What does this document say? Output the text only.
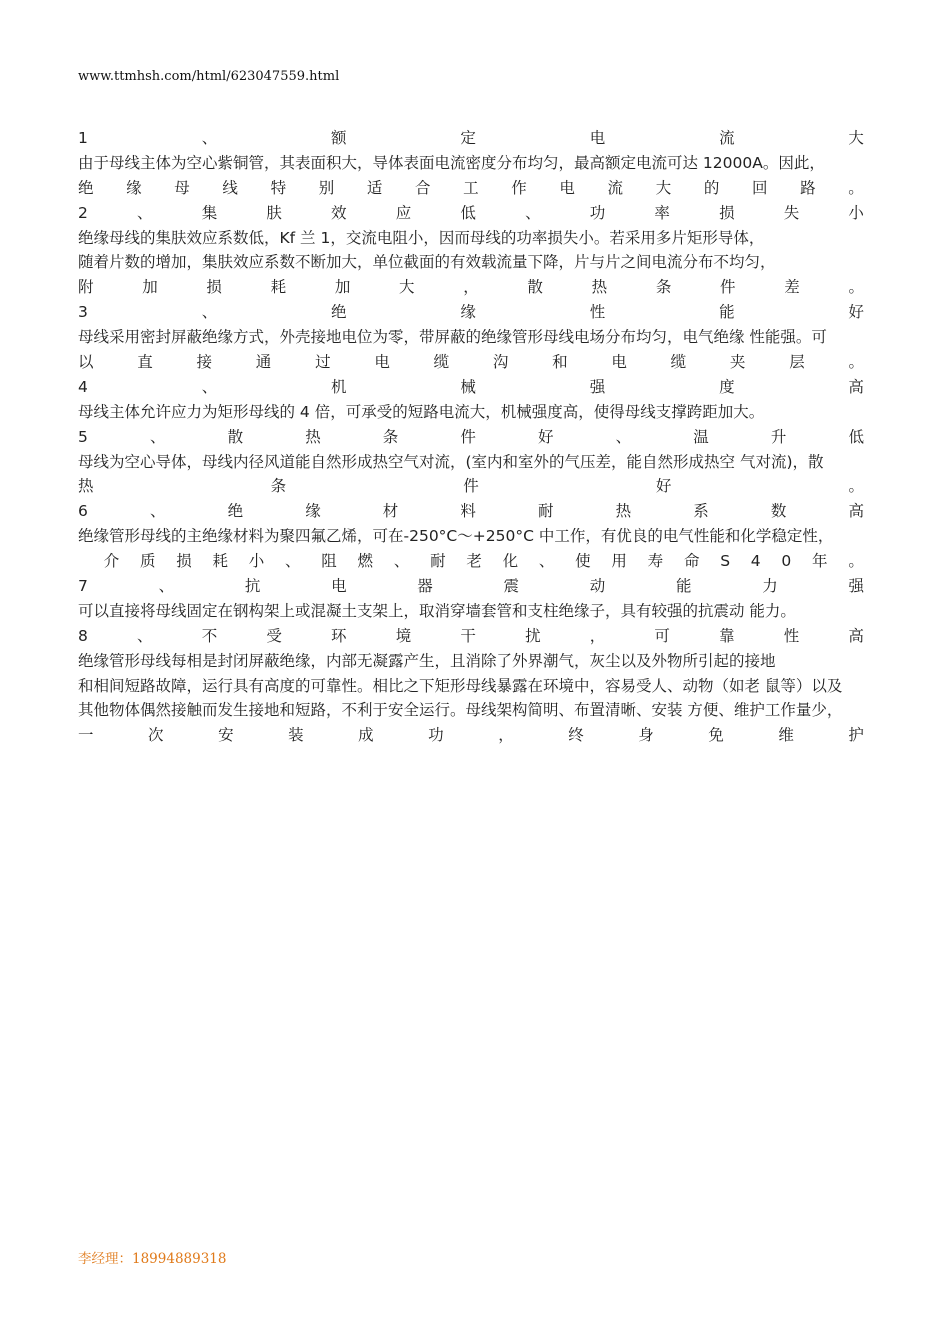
www.ttmhsh.com/html/623047559.html
1	、	额	定	电	流	大
由于母线主体为空心紫铜管，其表面积大，导体表面电流密度分布均匀，最高额定电流可达 12000A。因此，
绝 缘 母 线 特 别 适 合 工 作 电 流 大 的 回 路 。
2	、	集	肤	效	应	低	、	功	率	损	失	小
绝缘母线的集肤效应系数低，Kf 兰 1，交流电阻小，因而母线的功率损失小。若采用多片矩形导体，
随着片数的增加，集肤效应系数不断加大，单位截面的有效载流量下降，片与片之间电流分布不均匀，
附	加	损	耗	加	大	，	散	热	条	件	差	。
3	、	绝	缘	性	能	好
母线采用密封屏蔽绝缘方式，外壳接地电位为零，带屏蔽的绝缘管形母线电场分布均匀，电气绝缘 性能强。可
以	直	接	通	过	电	缆	沟	和	电	缆	夹	层	。
4	、	机	械	强	度	高
母线主体允许应力为矩形母线的 4 倍，可承受的短路电流大，机械强度高，使得母线支撑跨距加大。
5	、	散	热	条	件	好	、	温	升	低
母线为空心导体，母线内径风道能自然形成热空气对流，(室内和室外的气压差，能自然形成热空 气对流)，散
热	条	件	好	。
6	、	绝	缘	材	料	耐	热	系	数	高
绝缘管形母线的主绝缘材料为聚四氟乙烯，可在-250°C～+250°C 中工作，有优良的电气性能和化学稳定性，

介 质 损 耗 小 、 阻 燃 、 耐 老 化 、 使 用 寿 命 S 4 0 年 。
7	、	抗	电	器	震	动	能	力	强
可以直接将母线固定在钢构架上或混凝土支架上，取消穿墙套管和支柱绝缘子，具有较强的抗震动 能力。
8	、	不	受	环	境	干	扰	，	可	靠	性	高
绝缘管形母线每相是封闭屏蔽绝缘，内部无凝露产生，且消除了外界潮气，灰尘以及外物所引起的接地
和相间短路故障，运行具有高度的可靠性。相比之下矩形母线暴露在环境中，容易受人、动物（如老 鼠等）以及
其他物体偶然接触而发生接地和短路，不利于安全运行。母线架构简明、布置清晰、安装 方便、维护工作量少，
一	次	安	装	成	功	，	终	身	免	维	护
李经理：18994889318
